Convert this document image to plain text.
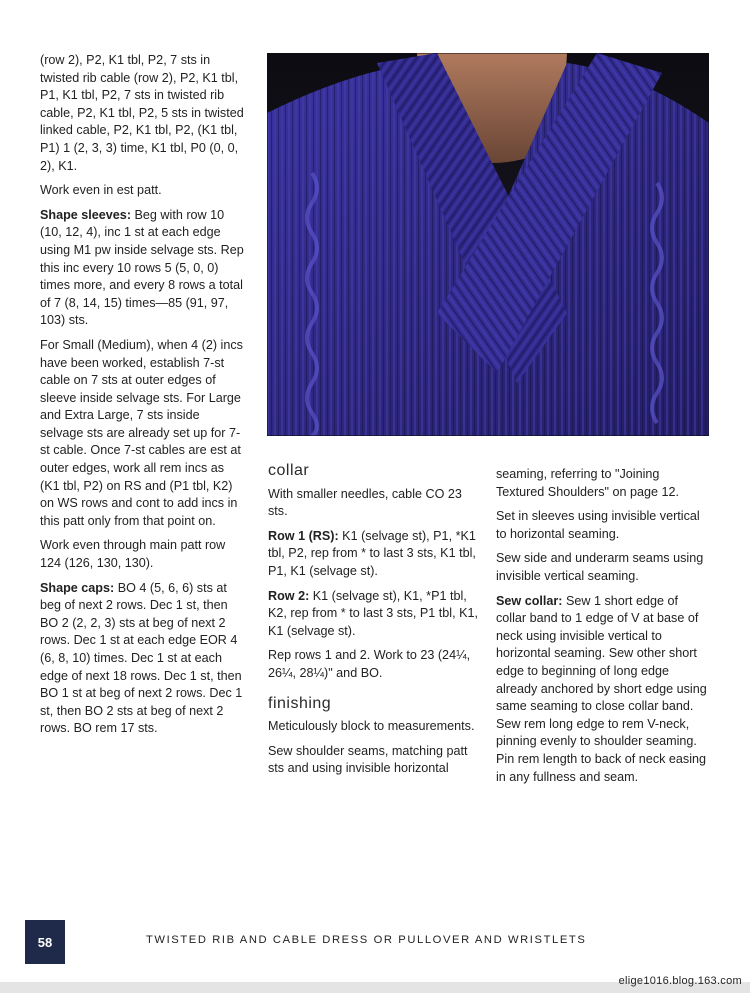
(row 2), P2, K1 tbl, P2, 7 sts in twisted rib cable (row 2), P2, K1 tbl, P1, K1 tbl, P2, 7 sts in twisted rib cable, P2, K1 tbl, P2, 5 sts in twisted linked cable, P2, K1 tbl, P2, (K1 tbl, P1) 1 (2, 3, 3) time, K1 tbl, P0 (0, 0, 2), K1.

Work even in est patt.

Shape sleeves: Beg with row 10 (10, 12, 4), inc 1 st at each edge using M1 pw inside selvage sts. Rep this inc every 10 rows 5 (5, 0, 0) times more, and every 8 rows a total of 7 (8, 14, 15) times—85 (91, 97, 103) sts.

For Small (Medium), when 4 (2) incs have been worked, establish 7-st cable on 7 sts at outer edges of sleeve inside selvage sts. For Large and Extra Large, 7 sts inside selvage sts are already set up for 7-st cable. Once 7-st cables are est at outer edges, work all rem incs as (K1 tbl, P2) on RS and (P1 tbl, K2) on WS rows and cont to add incs in this patt only from that point on.

Work even through main patt row 124 (126, 130, 130).

Shape caps: BO 4 (5, 6, 6) sts at beg of next 2 rows. Dec 1 st, then BO 2 (2, 2, 3) sts at beg of next 2 rows. Dec 1 st at each edge EOR 4 (6, 8, 10) times. Dec 1 st at each edge of next 18 rows. Dec 1 st, then BO 1 st at beg of next 2 rows. Dec 1 st, then BO 2 sts at beg of next 2 rows. BO rem 17 sts.

collar

With smaller needles, cable CO 23 sts.

Row 1 (RS): K1 (selvage st), P1, *K1 tbl, P2, rep from * to last 3 sts, K1 tbl, P1, K1 (selvage st).

Row 2: K1 (selvage st), K1, *P1 tbl, K2, rep from * to last 3 sts, P1 tbl, K1, K1 (selvage st).

Rep rows 1 and 2. Work to 23 (24¼, 26¼, 28¼)" and BO.

finishing

Meticulously block to measurements.

Sew shoulder seams, matching patt sts and using invisible horizontal

seaming, referring to "Joining Textured Shoulders" on page 12.

Set in sleeves using invisible vertical to horizontal seaming.

Sew side and underarm seams using invisible vertical seaming.

Sew collar: Sew 1 short edge of collar band to 1 edge of V at base of neck using invisible vertical to horizontal seaming. Sew other short edge to beginning of long edge already anchored by short edge using same seaming to close collar band. Sew rem long edge to rem V-neck, pinning evenly to shoulder seaming. Pin rem length to back of neck easing in any fullness and seam.

58	TWISTED RIB AND CABLE DRESS OR PULLOVER AND WRISTLETS
elige1016.blog.163.com
